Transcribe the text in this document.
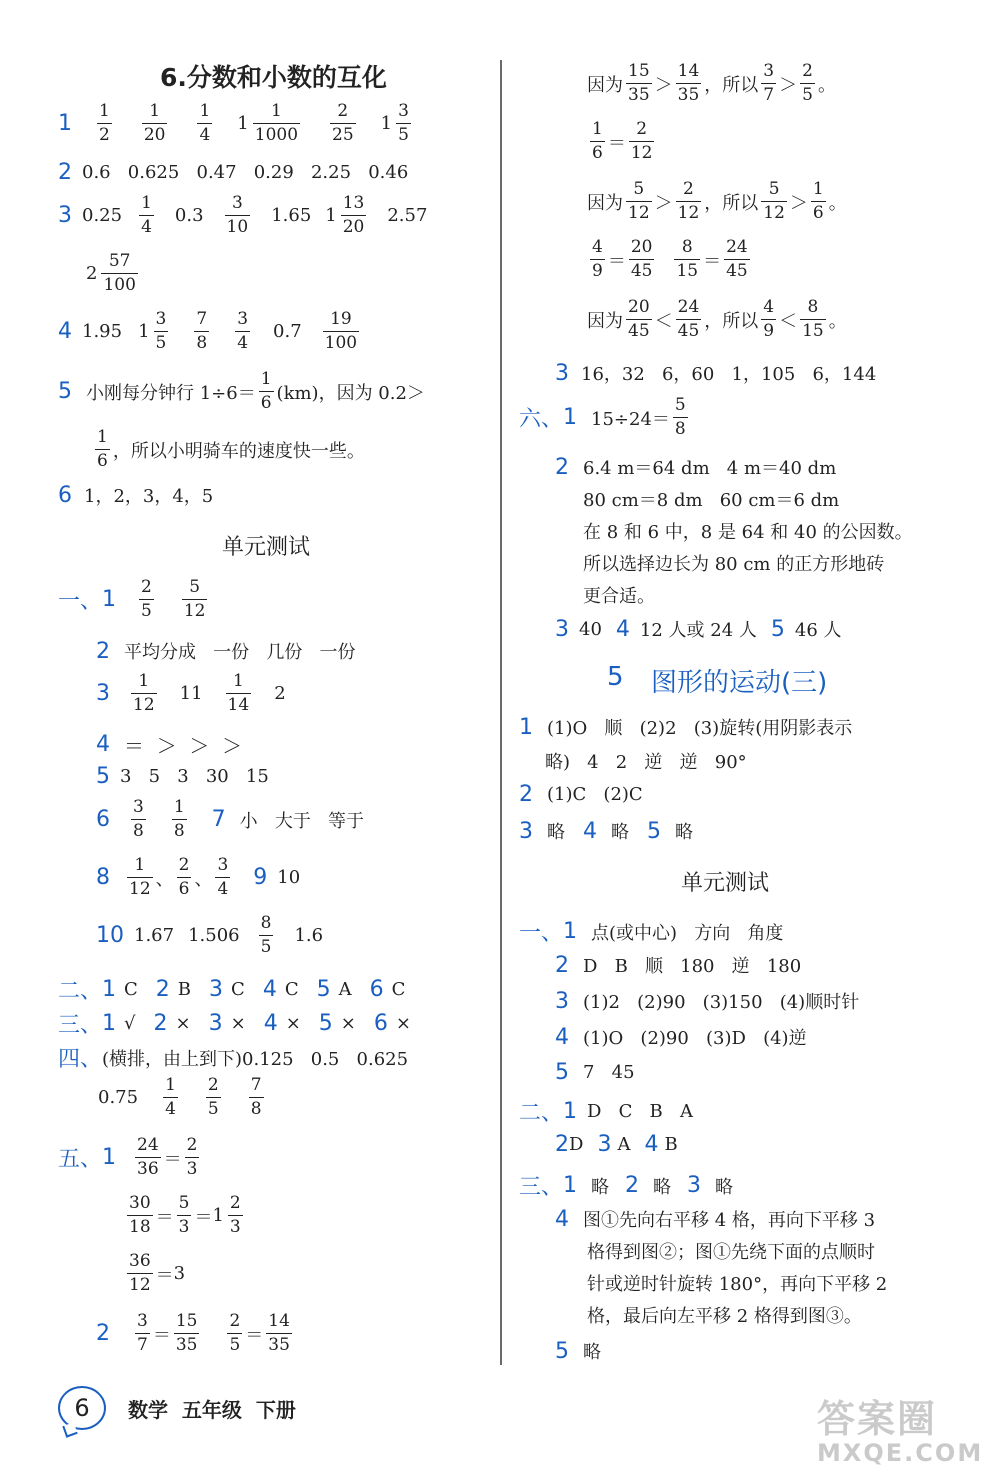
6.分数和小数的互化
$1 \frac{1}{2} \frac{1}{20} \frac{1}{4} 1 \frac{1}{1000} \frac{2}{25} 1 \frac{3}{5}$
2 0.6   0.625   0.47   0.29   2.25   0.46
3 $0.25 \frac{1}{4} 0.3 \frac{3}{10} 1.65$ $1 \frac{13}{20} 2.57$
$2 \frac{57}{100}$
4 1.95 $1 \frac{3}{5} \frac{7}{8} \frac{3}{4} 0.7 \frac{19}{100}$
5 小刚每分钟行 $1\div 6= \frac{1}{6} (km)$，因为 0.2＞
$\frac{1}{6}$ ，所以小明骑车的速度快一些。
6 1，2，3，4，5
单元测试
一、 $1 \frac{2}{5} \frac{5}{12}$
2 平均分成   一份   几份   一份
$3 \frac{1}{12} 11 \frac{1}{14} 2$
4 ＝  ＞  ＞  ＞
5 3   5   3   30   15
$6 \frac{3}{8} \frac{1}{8} 7$ 小   大于   等于
$8 \frac{1}{12}$ 、 $\frac{2}{6}$ 、 $\frac{3}{4} 9$ 10
10 1.67 $1.506 \frac{8}{5} 1.6$
二、 1 C 2 B 3 C 4 C 5 A 6 C
三、 1 √ 2 × 3 × 4 × 5 × 6 ×
四、 (横排，由上到下)0.125   0.5   0.625
$0.75 \frac{1}{4} \frac{2}{5} \frac{7}{8}$
五、 $1 \frac{24}{36} = \frac{2}{3}$
$\frac{30}{18} = \frac{5}{3} = 1 \frac{2}{3}$
$\frac{36}{12} = 3$
$2 \frac{3}{7} = \frac{15}{35} \frac{2}{5} = \frac{14}{35}$
因为 $\frac{15}{35} > \frac{14}{35}$ ，所以 $\frac{3}{7} > \frac{2}{5}$ 。
$\frac{1}{6} = \frac{2}{12}$
因为 $\frac{5}{12} > \frac{2}{12}$ ，所以 $\frac{5}{12} > \frac{1}{6}$ 。
$\frac{4}{9} = \frac{20}{45} \frac{8}{15} = \frac{24}{45}$
因为 $\frac{20}{45} < \frac{24}{45}$ ，所以 $\frac{4}{9} < \frac{8}{15}$ 。
3 16，32   6，60   1，105   6，144
六、 1 $15\div 24= \frac{5}{8}$
2 6.4 m＝64 dm   4 m＝40 dm
80 cm＝8 dm   60 cm＝6 dm
在 8 和 6 中，8 是 64 和 40 的公因数。
所以选择边长为 80 cm 的正方形地砖
更合适。
3 40 4 12 人或 24 人 5 46 人
5 图形的运动(三)
1 (1)O   顺   (2)2   (3)旋转(用阴影表示
略)   4   2   逆   逆   90°
2 (1)C   (2)C
3 略 4 略 5 略
单元测试
一、 1 点(或中心)   方向   角度
2 D   B   顺   180   逆   180
3 (1)2   (2)90   (3)150   (4)顺时针
4 (1)O   (2)90   (3)D   (4)逆
5 7   45
二、 1 D   C   B   A
2 D 3 A 4 B
三、 1 略 2 略 3 略
4 图①先向右平移 4 格，再向下平移 3
格得到图②；图①先绕下面的点顺时
针或逆时针旋转 180°，再向下平移 2
格，最后向左平移 2 格得到图③。
5 略
6	数学  五年级  下册	答案圈
MXQE.COM
